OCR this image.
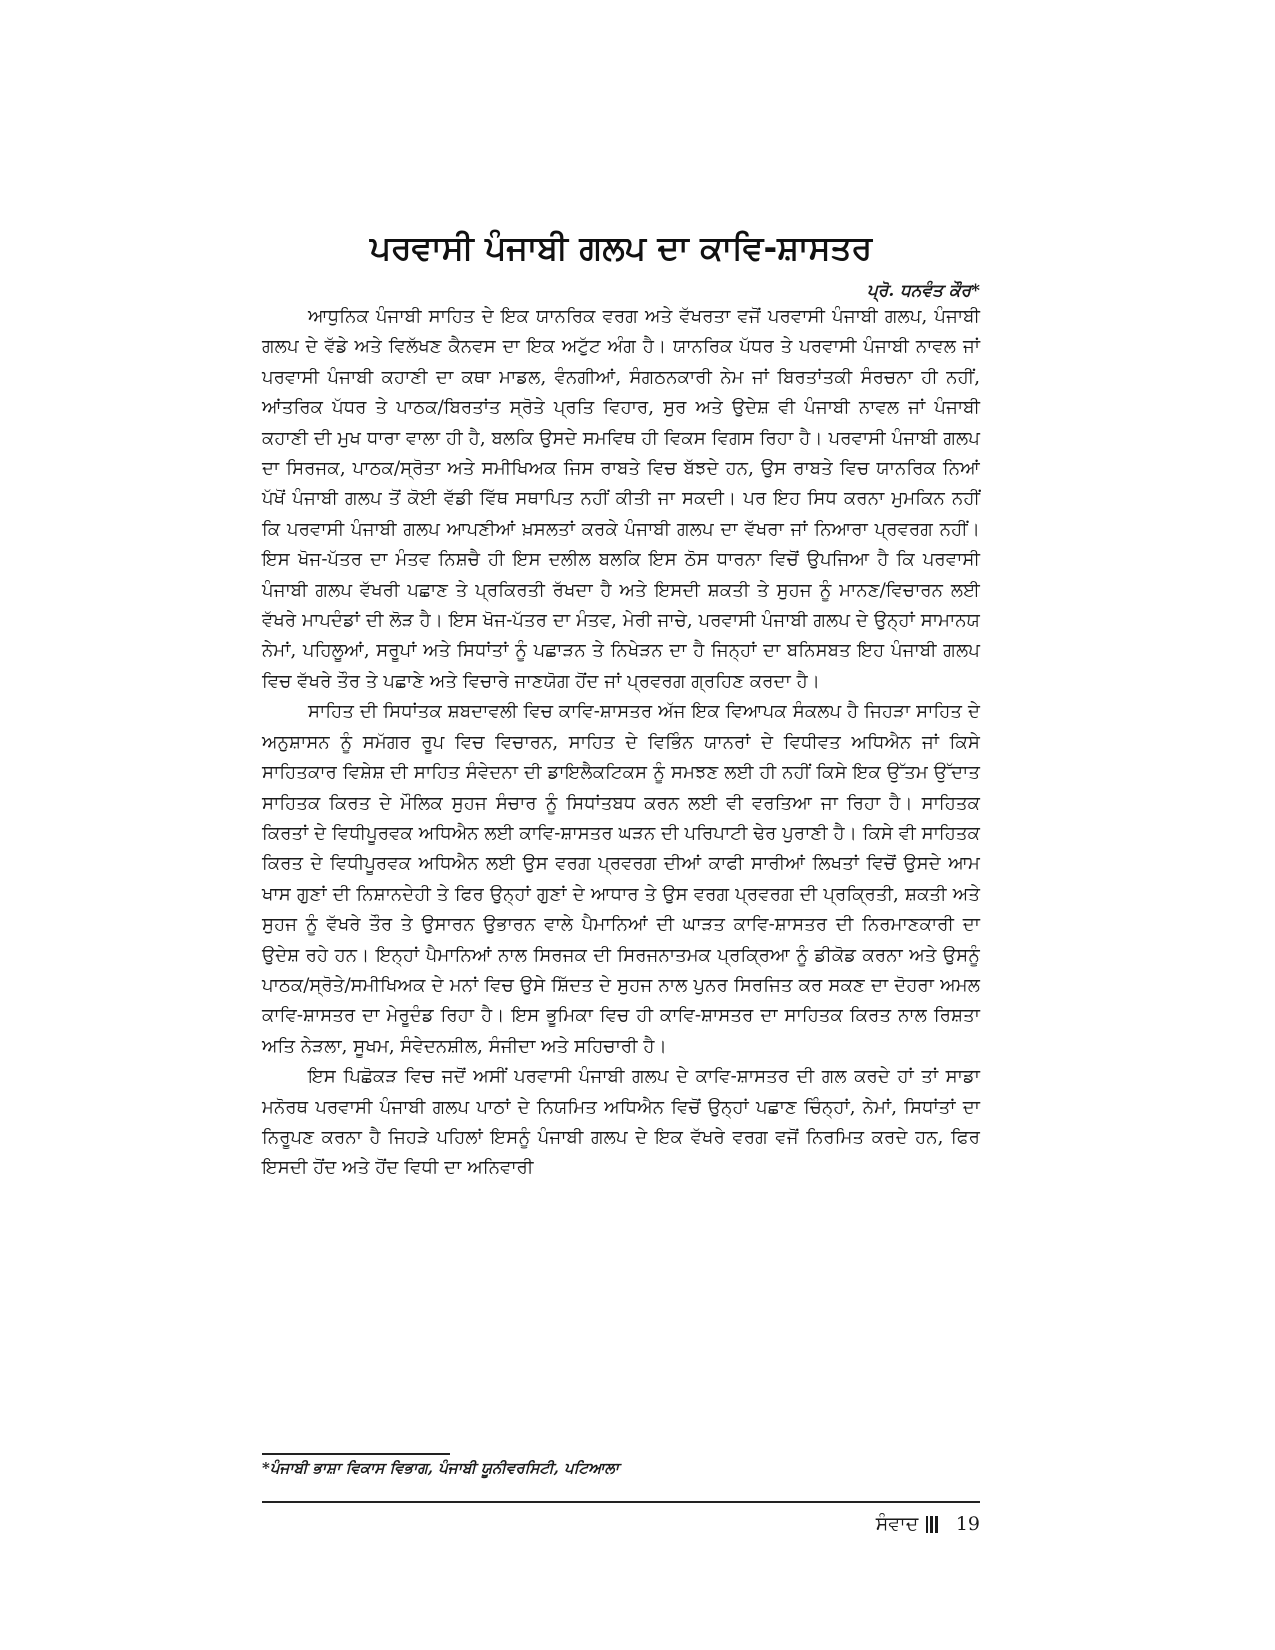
ਪਰਵਾਸੀ ਪੰਜਾਬੀ ਗਲਪ ਦਾ ਕਾਵਿ-ਸ਼ਾਸਤਰ

ਪ੍ਰੋ. ਧਨਵੰਤ ਕੌਰ*

ਆਧੁਨਿਕ ਪੰਜਾਬੀ ਸਾਹਿਤ ਦੇ ਇਕ ਯਾਨਰਿਕ ਵਰਗ ਅਤੇ ਵੱਖਰਤਾ ਵਜੋਂ ਪਰਵਾਸੀ ਪੰਜਾਬੀ ਗਲਪ, ਪੰਜਾਬੀ ਗਲਪ ਦੇ ਵੱਡੇ ਅਤੇ ਵਿਲੱਖਣ ਕੈਨਵਸ ਦਾ ਇਕ ਅਟੁੱਟ ਅੰਗ ਹੈ। ਯਾਨਰਿਕ ਪੱਧਰ ਤੇ ਪਰਵਾਸੀ ਪੰਜਾਬੀ ਨਾਵਲ ਜਾਂ ਪਰਵਾਸੀ ਪੰਜਾਬੀ ਕਹਾਣੀ ਦਾ ਕਥਾ ਮਾਡਲ, ਵੰਨਗੀਆਂ, ਸੰਗਠਨਕਾਰੀ ਨੇਮ ਜਾਂ ਬਿਰਤਾਂਤਕੀ ਸੰਰਚਨਾ ਹੀ ਨਹੀਂ, ਆਂਤਰਿਕ ਪੱਧਰ ਤੇ ਪਾਠਕ/ਬਿਰਤਾਂਤ ਸ੍ਰੋਤੇ ਪ੍ਰਤਿ ਵਿਹਾਰ, ਸੁਰ ਅਤੇ ਉਦੇਸ਼ ਵੀ ਪੰਜਾਬੀ ਨਾਵਲ ਜਾਂ ਪੰਜਾਬੀ ਕਹਾਣੀ ਦੀ ਮੁਖ ਧਾਰਾ ਵਾਲਾ ਹੀ ਹੈ, ਬਲਕਿ ਉਸਦੇ ਸਮਵਿਥ ਹੀ ਵਿਕਸ ਵਿਗਸ ਰਿਹਾ ਹੈ। ਪਰਵਾਸੀ ਪੰਜਾਬੀ ਗਲਪ ਦਾ ਸਿਰਜਕ, ਪਾਠਕ/ਸ੍ਰੋਤਾ ਅਤੇ ਸਮੀਖਿਅਕ ਜਿਸ ਰਾਬਤੇ ਵਿਚ ਬੱਝਦੇ ਹਨ, ਉਸ ਰਾਬਤੇ ਵਿਚ ਯਾਨਰਿਕ ਨਿਆਂ ਪੱਖੋਂ ਪੰਜਾਬੀ ਗਲਪ ਤੋਂ ਕੋਈ ਵੱਡੀ ਵਿੱਥ ਸਥਾਪਿਤ ਨਹੀਂ ਕੀਤੀ ਜਾ ਸਕਦੀ। ਪਰ ਇਹ ਸਿਧ ਕਰਨਾ ਮੁਮਕਿਨ ਨਹੀਂ ਕਿ ਪਰਵਾਸੀ ਪੰਜਾਬੀ ਗਲਪ ਆਪਣੀਆਂ ਖ਼ਸਲਤਾਂ ਕਰਕੇ ਪੰਜਾਬੀ ਗਲਪ ਦਾ ਵੱਖਰਾ ਜਾਂ ਨਿਆਰਾ ਪ੍ਰਵਰਗ ਨਹੀਂ। ਇਸ ਖੋਜ-ਪੱਤਰ ਦਾ ਮੰਤਵ ਨਿਸ਼ਚੈ ਹੀ ਇਸ ਦਲੀਲ ਬਲਕਿ ਇਸ ਠੋਸ ਧਾਰਨਾ ਵਿਚੋਂ ਉਪਜਿਆ ਹੈ ਕਿ ਪਰਵਾਸੀ ਪੰਜਾਬੀ ਗਲਪ ਵੱਖਰੀ ਪਛਾਣ ਤੇ ਪ੍ਰਕਿਰਤੀ ਰੱਖਦਾ ਹੈ ਅਤੇ ਇਸਦੀ ਸ਼ਕਤੀ ਤੇ ਸੁਹਜ ਨੂੰ ਮਾਨਣ/ਵਿਚਾਰਨ ਲਈ ਵੱਖਰੇ ਮਾਪਦੰਡਾਂ ਦੀ ਲੋੜ ਹੈ। ਇਸ ਖੋਜ-ਪੱਤਰ ਦਾ ਮੰਤਵ, ਮੇਰੀ ਜਾਚੇ, ਪਰਵਾਸੀ ਪੰਜਾਬੀ ਗਲਪ ਦੇ ਉਨ੍ਹਾਂ ਸਾਮਾਨਯ ਨੇਮਾਂ, ਪਹਿਲੂਆਂ, ਸਰੂਪਾਂ ਅਤੇ ਸਿਧਾਂਤਾਂ ਨੂੰ ਪਛਾੜਨ ਤੇ ਨਿਖੇੜਨ ਦਾ ਹੈ ਜਿਨ੍ਹਾਂ ਦਾ ਬਨਿਸਬਤ ਇਹ ਪੰਜਾਬੀ ਗਲਪ ਵਿਚ ਵੱਖਰੇ ਤੌਰ ਤੇ ਪਛਾਣੇ ਅਤੇ ਵਿਚਾਰੇ ਜਾਣਯੋਗ ਹੋਂਦ ਜਾਂ ਪ੍ਰਵਰਗ ਗ੍ਰਹਿਣ ਕਰਦਾ ਹੈ।

ਸਾਹਿਤ ਦੀ ਸਿਧਾਂਤਕ ਸ਼ਬਦਾਵਲੀ ਵਿਚ ਕਾਵਿ-ਸ਼ਾਸਤਰ ਅੱਜ ਇਕ ਵਿਆਪਕ ਸੰਕਲਪ ਹੈ ਜਿਹੜਾ ਸਾਹਿਤ ਦੇ ਅਨੁਸ਼ਾਸਨ ਨੂੰ ਸਮੱਗਰ ਰੂਪ ਵਿਚ ਵਿਚਾਰਨ, ਸਾਹਿਤ ਦੇ ਵਿਭਿੰਨ ਯਾਨਰਾਂ ਦੇ ਵਿਧੀਵਤ ਅਧਿਐਨ ਜਾਂ ਕਿਸੇ ਸਾਹਿਤਕਾਰ ਵਿਸ਼ੇਸ਼ ਦੀ ਸਾਹਿਤ ਸੰਵੇਦਨਾ ਦੀ ਡਾਇਲੈਕਟਿਕਸ ਨੂੰ ਸਮਝਣ ਲਈ ਹੀ ਨਹੀਂ ਕਿਸੇ ਇਕ ਉੱਤਮ ਉੱਦਾਤ ਸਾਹਿਤਕ ਕਿਰਤ ਦੇ ਮੌਲਿਕ ਸੁਹਜ ਸੰਚਾਰ ਨੂੰ ਸਿਧਾਂਤਬਧ ਕਰਨ ਲਈ ਵੀ ਵਰਤਿਆ ਜਾ ਰਿਹਾ ਹੈ। ਸਾਹਿਤਕ ਕਿਰਤਾਂ ਦੇ ਵਿਧੀਪੂਰਵਕ ਅਧਿਐਨ ਲਈ ਕਾਵਿ-ਸ਼ਾਸਤਰ ਘੜਨ ਦੀ ਪਰਿਪਾਟੀ ਢੇਰ ਪੁਰਾਣੀ ਹੈ। ਕਿਸੇ ਵੀ ਸਾਹਿਤਕ ਕਿਰਤ ਦੇ ਵਿਧੀਪੂਰਵਕ ਅਧਿਐਨ ਲਈ ਉਸ ਵਰਗ ਪ੍ਰਵਰਗ ਦੀਆਂ ਕਾਫੀ ਸਾਰੀਆਂ ਲਿਖਤਾਂ ਵਿਚੋਂ ਉਸਦੇ ਆਮ ਖਾਸ ਗੁਣਾਂ ਦੀ ਨਿਸ਼ਾਨਦੇਹੀ ਤੇ ਫਿਰ ਉਨ੍ਹਾਂ ਗੁਣਾਂ ਦੇ ਆਧਾਰ ਤੇ ਉਸ ਵਰਗ ਪ੍ਰਵਰਗ ਦੀ ਪ੍ਰਕ੍ਰਿਤੀ, ਸ਼ਕਤੀ ਅਤੇ ਸੁਹਜ ਨੂੰ ਵੱਖਰੇ ਤੌਰ ਤੇ ਉਸਾਰਨ ਉਭਾਰਨ ਵਾਲੇ ਪੈਮਾਨਿਆਂ ਦੀ ਘਾੜਤ ਕਾਵਿ-ਸ਼ਾਸਤਰ ਦੀ ਨਿਰਮਾਣਕਾਰੀ ਦਾ ਉਦੇਸ਼ ਰਹੇ ਹਨ। ਇਨ੍ਹਾਂ ਪੈਮਾਨਿਆਂ ਨਾਲ ਸਿਰਜਕ ਦੀ ਸਿਰਜਨਾਤਮਕ ਪ੍ਰਕ੍ਰਿਆ ਨੂੰ ਡੀਕੋਡ ਕਰਨਾ ਅਤੇ ਉਸਨੂੰ ਪਾਠਕ/ਸ੍ਰੋਤੇ/ਸਮੀਖਿਅਕ ਦੇ ਮਨਾਂ ਵਿਚ ਉਸੇ ਸ਼ਿੱਦਤ ਦੇ ਸੁਹਜ ਨਾਲ ਪੁਨਰ ਸਿਰਜਿਤ ਕਰ ਸਕਣ ਦਾ ਦੋਹਰਾ ਅਮਲ ਕਾਵਿ-ਸ਼ਾਸਤਰ ਦਾ ਮੇਰੂਦੰਡ ਰਿਹਾ ਹੈ। ਇਸ ਭੂਮਿਕਾ ਵਿਚ ਹੀ ਕਾਵਿ-ਸ਼ਾਸਤਰ ਦਾ ਸਾਹਿਤਕ ਕਿਰਤ ਨਾਲ ਰਿਸ਼ਤਾ ਅਤਿ ਨੇੜਲਾ, ਸੂਖਮ, ਸੰਵੇਦਨਸ਼ੀਲ, ਸੰਜੀਦਾ ਅਤੇ ਸਹਿਚਾਰੀ ਹੈ।

ਇਸ ਪਿਛੋਕੜ ਵਿਚ ਜਦੋਂ ਅਸੀਂ ਪਰਵਾਸੀ ਪੰਜਾਬੀ ਗਲਪ ਦੇ ਕਾਵਿ-ਸ਼ਾਸਤਰ ਦੀ ਗਲ ਕਰਦੇ ਹਾਂ ਤਾਂ ਸਾਡਾ ਮਨੋਰਥ ਪਰਵਾਸੀ ਪੰਜਾਬੀ ਗਲਪ ਪਾਠਾਂ ਦੇ ਨਿਯਮਿਤ ਅਧਿਐਨ ਵਿਚੋਂ ਉਨ੍ਹਾਂ ਪਛਾਣ ਚਿੰਨ੍ਹਾਂ, ਨੇਮਾਂ, ਸਿਧਾਂਤਾਂ ਦਾ ਨਿਰੂਪਣ ਕਰਨਾ ਹੈ ਜਿਹੜੇ ਪਹਿਲਾਂ ਇਸਨੂੰ ਪੰਜਾਬੀ ਗਲਪ ਦੇ ਇਕ ਵੱਖਰੇ ਵਰਗ ਵਜੋਂ ਨਿਰਮਿਤ ਕਰਦੇ ਹਨ, ਫਿਰ ਇਸਦੀ ਹੋਂਦ ਅਤੇ ਹੋਂਦ ਵਿਧੀ ਦਾ ਅਨਿਵਾਰੀ

*ਪੰਜਾਬੀ ਭਾਸ਼ਾ ਵਿਕਾਸ ਵਿਭਾਗ, ਪੰਜਾਬੀ ਯੂਨੀਵਰਸਿਟੀ, ਪਟਿਆਲਾ
ਸੰਵਾਦ 19
